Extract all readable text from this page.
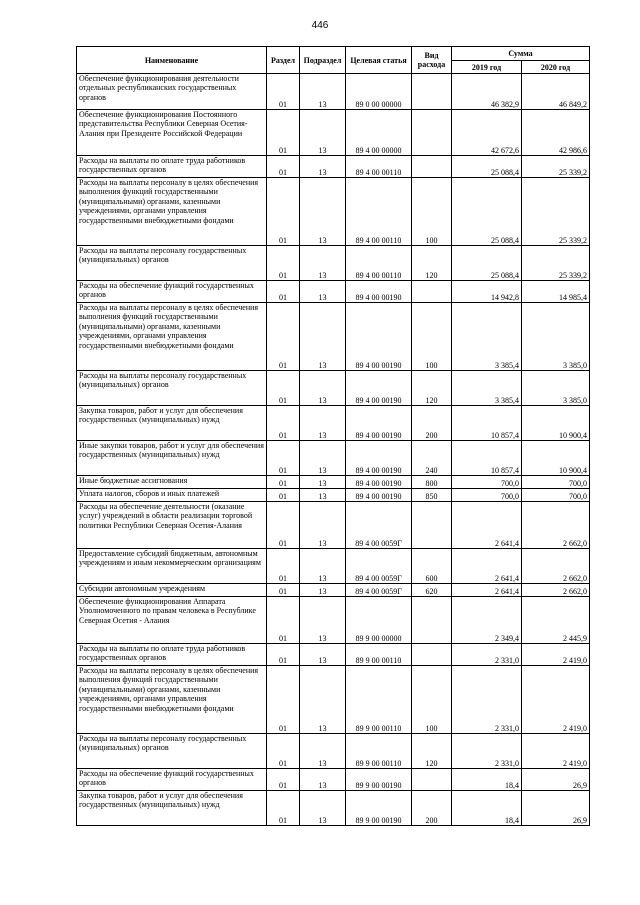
446
Наименование	Раздел	Подраздел	Целевая статья	Вид расхода	Сумма	
					2019 год	2020 год
Обеспечение функционирования деятельности отдельных республиканских государственных органов	01	13	89 0 00 00000		46 382,9	46 849,2
Обеспечение функционирования Постоянного представительства Республики Северная Осетия-Алания при Президенте Российской Федерации	01	13	89 4 00 00000		42 672,6	42 986,6
Расходы на выплаты по оплате труда работников государственных органов	01	13	89 4 00 00110		25 088,4	25 339,2
Расходы на выплаты персоналу в целях обеспечения выполнения функций государственными (муниципальными) органами, казенными учреждениями, органами управления государственными внебюджетными фондами	01	13	89 4 00 00110	100	25 088,4	25 339,2
Расходы на выплаты персоналу государственных (муниципальных) органов	01	13	89 4 00 00110	120	25 088,4	25 339,2
Расходы на обеспечение функций государственных органов	01	13	89 4 00 00190		14 942,8	14 985,4
Расходы на выплаты персоналу в целях обеспечения выполнения функций государственными (муниципальными) органами, казенными учреждениями, органами управления государственными внебюджетными фондами	01	13	89 4 00 00190	100	3 385,4	3 385,0
Расходы на выплаты персоналу государственных (муниципальных) органов	01	13	89 4 00 00190	120	3 385,4	3 385,0
Закупка товаров, работ и услуг для обеспечения государственных (муниципальных) нужд	01	13	89 4 00 00190	200	10 857,4	10 900,4
Иные закупки товаров, работ и услуг для обеспечения государственных (муниципальных) нужд	01	13	89 4 00 00190	240	10 857,4	10 900,4
Иные бюджетные ассигнования	01	13	89 4 00 00190	800	700,0	700,0
Уплата налогов, сборов и иных платежей	01	13	89 4 00 00190	850	700,0	700,0
Расходы на обеспечение деятельности (оказание услуг) учреждений в области реализации торговой политики Республики Северная Осетия-Алания	01	13	89 4 00 0059Г		2 641,4	2 662,0
Предоставление субсидий бюджетным, автономным учреждениям и иным некоммерческим организациям	01	13	89 4 00 0059Г	600	2 641,4	2 662,0
Субсидии автономным учреждениям	01	13	89 4 00 0059Г	620	2 641,4	2 662,0
Обеспечение функционирования Аппарата Уполномоченного по правам человека в Республике Северная Осетия - Алания	01	13	89 9 00 00000		2 349,4	2 445,9
Расходы на выплаты по оплате труда работников государственных органов	01	13	89 9 00 00110		2 331,0	2 419,0
Расходы на выплаты персоналу в целях обеспечения выполнения функций государственными (муниципальными) органами, казенными учреждениями, органами управления государственными внебюджетными фондами	01	13	89 9 00 00110	100	2 331,0	2 419,0
Расходы на выплаты персоналу государственных (муниципальных) органов	01	13	89 9 00 00110	120	2 331,0	2 419,0
Расходы на обеспечение функций государственных органов	01	13	89 9 00 00190		18,4	26,9
Закупка товаров, работ и услуг для обеспечения государственных (муниципальных) нужд	01	13	89 9 00 00190	200	18,4	26,9
